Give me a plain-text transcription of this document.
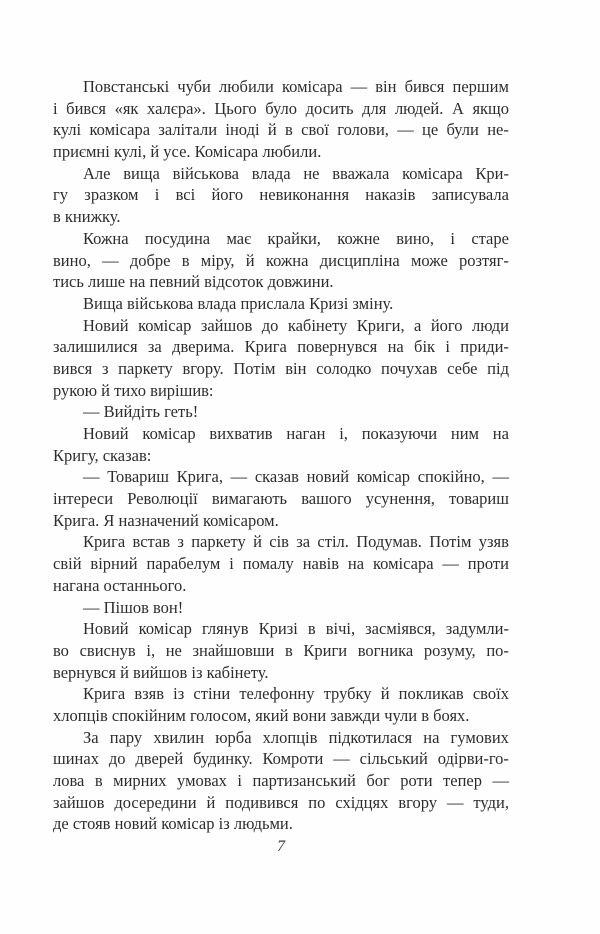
Повстанські чуби любили комісара — він бився першим
і бився «як халєра». Цього було досить для людей. А якщо
кулі комісара залітали іноді й в свої голови, — це були не-
приємні кулі, й усе. Комісара любили.
Але вища військова влада не вважала комісара Кри-
гу зразком і всі його невиконання наказів записувала
в книжку.
Кожна посудина має крайки, кожне вино, і старе
вино, — добре в міру, й кожна дисципліна може розтяг-
тись лише на певний відсоток довжини.
Вища військова влада прислала Кризі зміну.
Новий комісар зайшов до кабінету Криги, а його люди
залишилися за дверима. Крига повернувся на бік і приди-
вився з паркету вгору. Потім він солодко почухав себе під
рукою й тихо вирішив:
— Вийдіть геть!
Новий комісар вихватив наган і, показуючи ним на
Кригу, сказав:
— Товариш Крига, — сказав новий комісар спокійно, —
інтереси Революції вимагають вашого усунення, товариш
Крига. Я назначений комісаром.
Крига встав з паркету й сів за стіл. Подумав. Потім узяв
свій вірний парабелум і помалу навів на комісара — проти
нагана останнього.
— Пішов вон!
Новий комісар глянув Кризі в вічі, засміявся, задумли-
во свиснув і, не знайшовши в Криги вогника розуму, по-
вернувся й вийшов із кабінету.
Крига взяв із стіни телефонну трубку й покликав своїх
хлопців спокійним голосом, який вони завжди чули в боях.
За пару хвилин юрба хлопців підкотилася на гумових
шинах до дверей будинку. Комроти — сільський одірви-го-
лова в мирних умовах і партизанський бог роти тепер —
зайшов досередини й подивився по східцях вгору — туди,
де стояв новий комісар із людьми.
7
